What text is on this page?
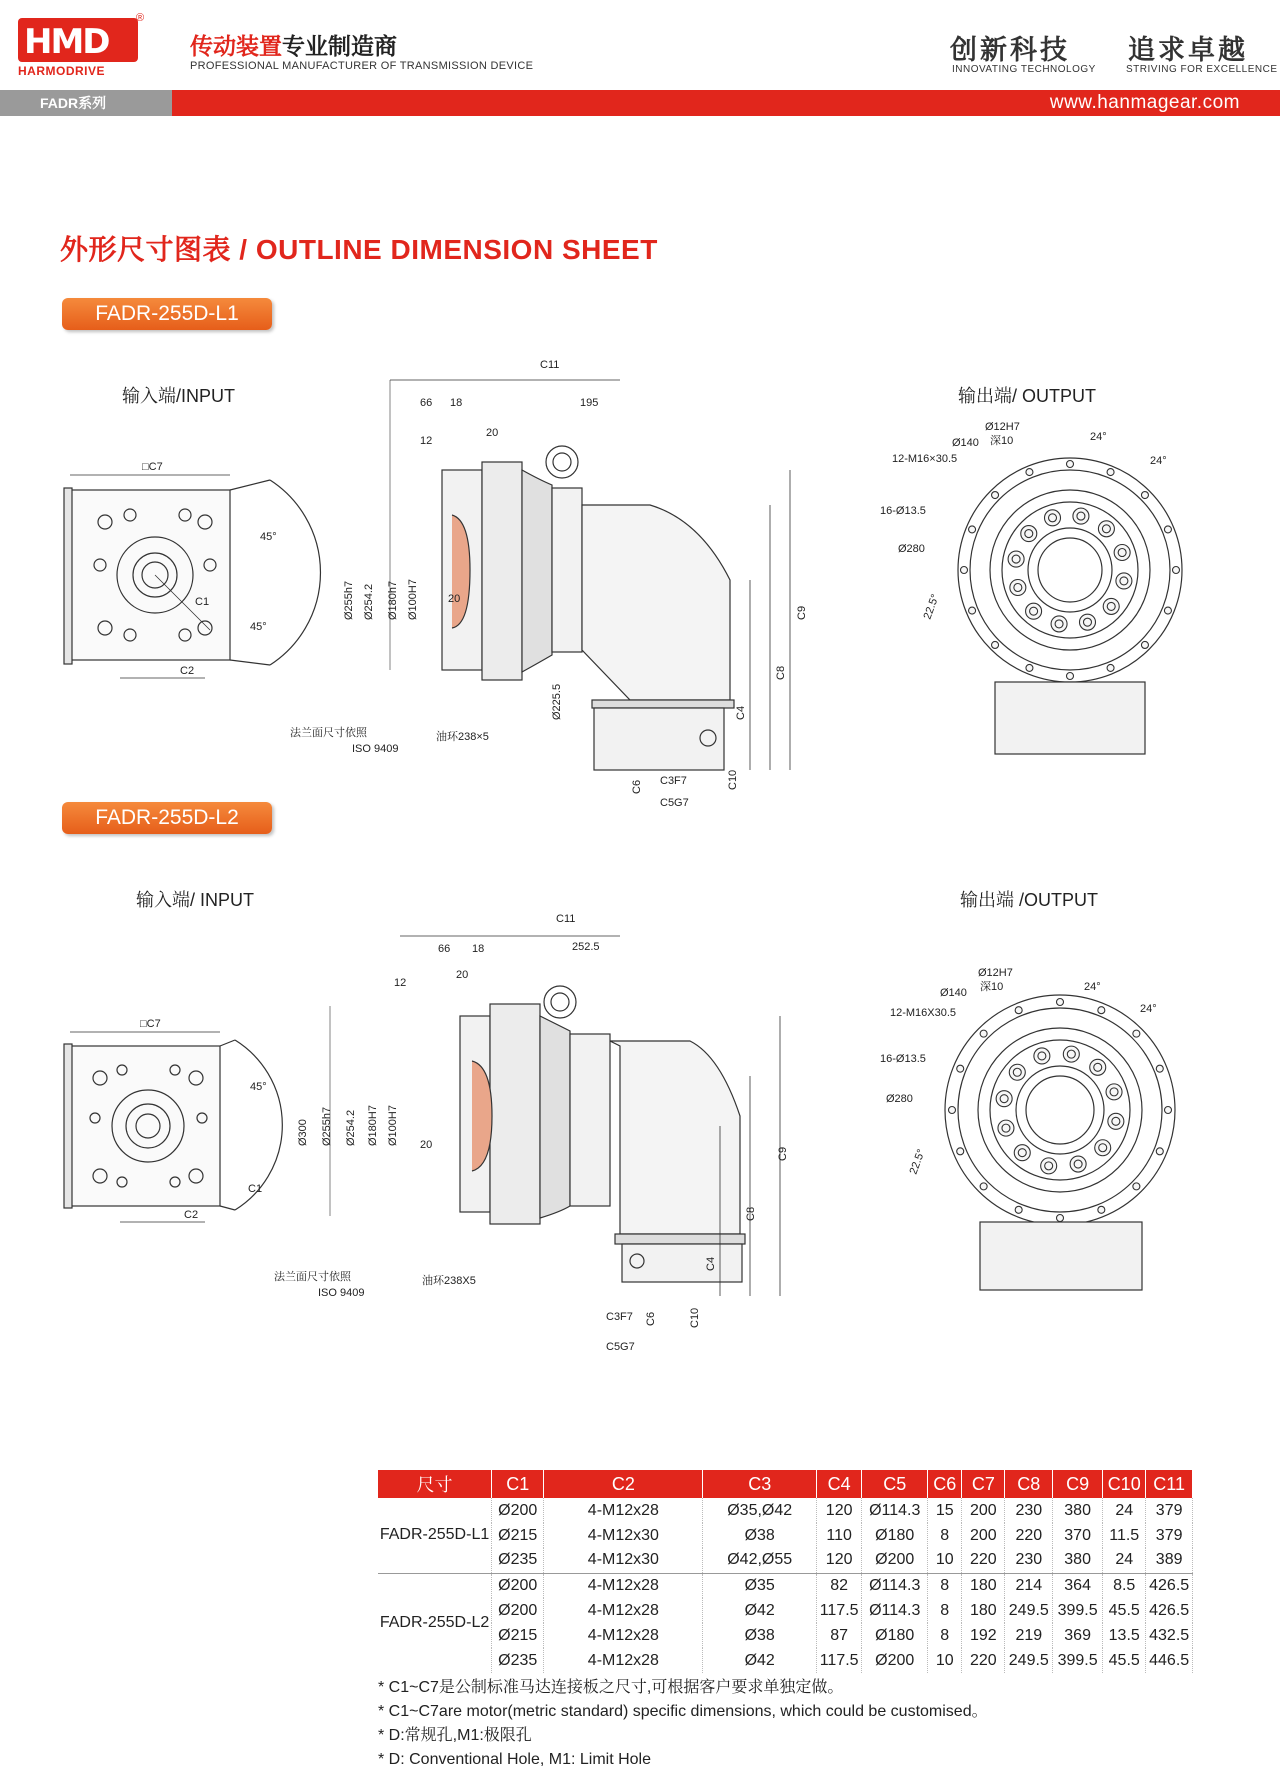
HMD
®
HARMODRIVE
传动装置专业制造商
PROFESSIONAL MANUFACTURER OF TRANSMISSION DEVICE	创新科技
INNOVATING TECHNOLOGY
追求卓越
STRIVING FOR EXCELLENCE
FADR系列	www.hanmagear.com
外形尺寸图表 / OUTLINE DIMENSION SHEET
FADR-255D-L1
输入端/INPUT	输出端/ OUTPUT
□C7
45°
45°
C1
C2
C11
66 18	195
12
20
Ø255h7 Ø254.2 Ø180h7 Ø100H7	20
Ø225.5
法兰面尺寸依照
ISO 9409
油环238×5
C9
C8
C4
C10
C6 C3F7
C5G7
Ø12H7
深10
Ø140
12-M16×30.5
16-Ø13.5
Ø280
24°
24°
22.5°
FADR-255D-L2
输入端/ INPUT	输出端 /OUTPUT
□C7
45°
C1
C2
C11
66 18	252.5
12
20
Ø300 Ø255h7 Ø254.2 Ø180H7 Ø100H7 20
法兰面尺寸依照
ISO 9409
油环238X5
C9
C8
C4
C10
C6
C3F7
C5G7
Ø12H7
深10
Ø140
12-M16X30.5
16-Ø13.5
Ø280
24°
24°
22.5°
尺寸	C1	C2	C3	C4	C5	C6	C7	C8	C9	C10	C11
FADR-255D-L1	Ø200	4-M12x28	Ø35,Ø42	120	Ø114.3	15	200	230	380	24	379
	Ø215	4-M12x30	Ø38	110	Ø180	8	200	220	370	11.5	379
	Ø235	4-M12x30	Ø42,Ø55	120	Ø200	10	220	230	380	24	389
FADR-255D-L2	Ø200	4-M12x28	Ø35	82	Ø114.3	8	180	214	364	8.5	426.5
	Ø200	4-M12x28	Ø42	117.5	Ø114.3	8	180	249.5	399.5	45.5	426.5
	Ø215	4-M12x28	Ø38	87	Ø180	8	192	219	369	13.5	432.5
	Ø235	4-M12x28	Ø42	117.5	Ø200	10	220	249.5	399.5	45.5	446.5
* C1~C7是公制标准马达连接板之尺寸,可根据客户要求单独定做。
* C1~C7are motor(metric standard) specific dimensions, which could be customised。
* D:常规孔,M1:极限孔
* D: Conventional Hole, M1: Limit Hole
